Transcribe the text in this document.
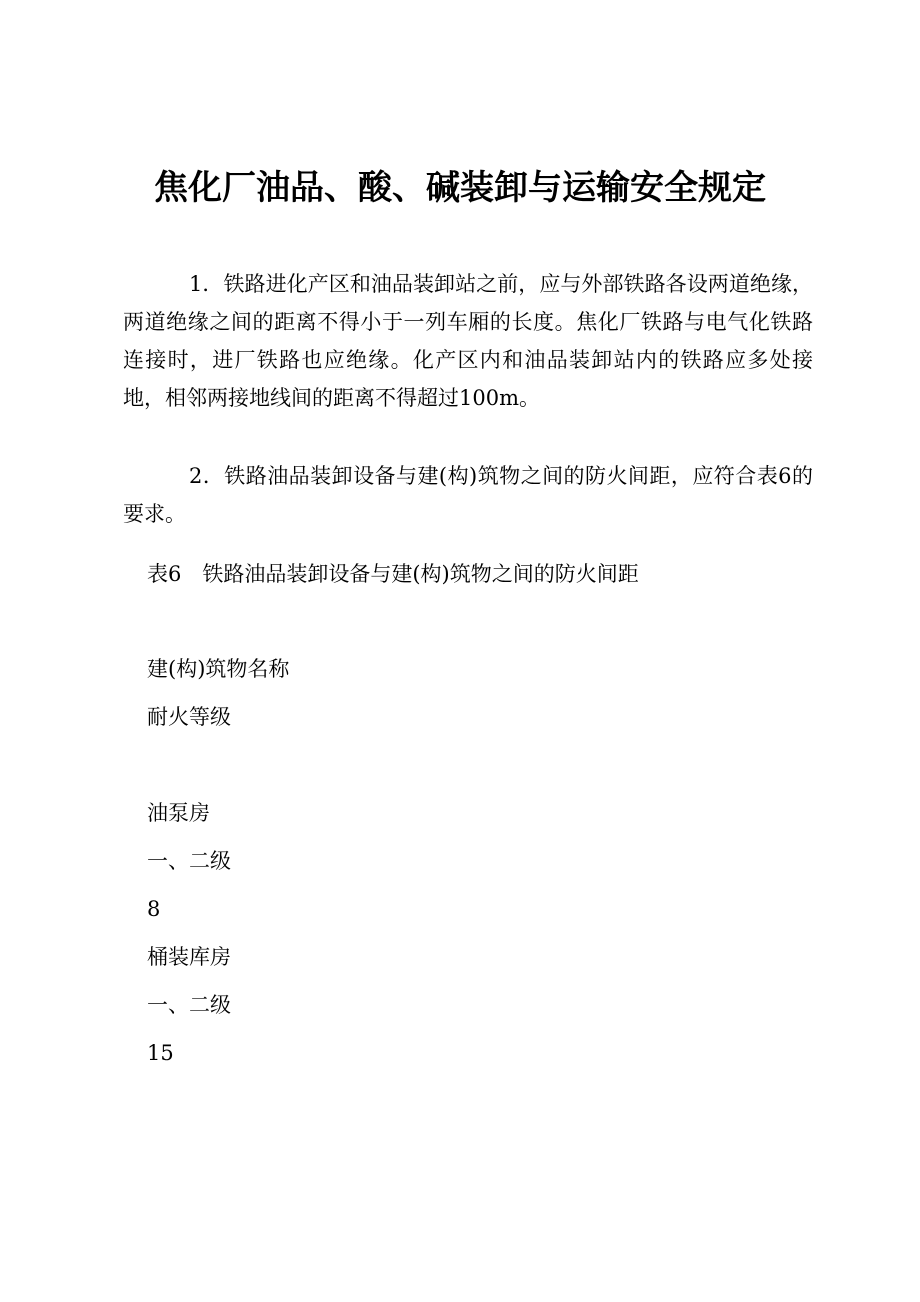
焦化厂油品、酸、碱装卸与运输安全规定
1．铁路进化产区和油品装卸站之前，应与外部铁路各设两道绝缘，两道绝缘之间的距离不得小于一列车厢的长度。焦化厂铁路与电气化铁路连接时，进厂铁路也应绝缘。化产区内和油品装卸站内的铁路应多处接地，相邻两接地线间的距离不得超过100m。
2．铁路油品装卸设备与建(构)筑物之间的防火间距，应符合表6的要求。
表6　铁路油品装卸设备与建(构)筑物之间的防火间距
建(构)筑物名称
耐火等级
油泵房
一、二级
8
桶装库房
一、二级
15
